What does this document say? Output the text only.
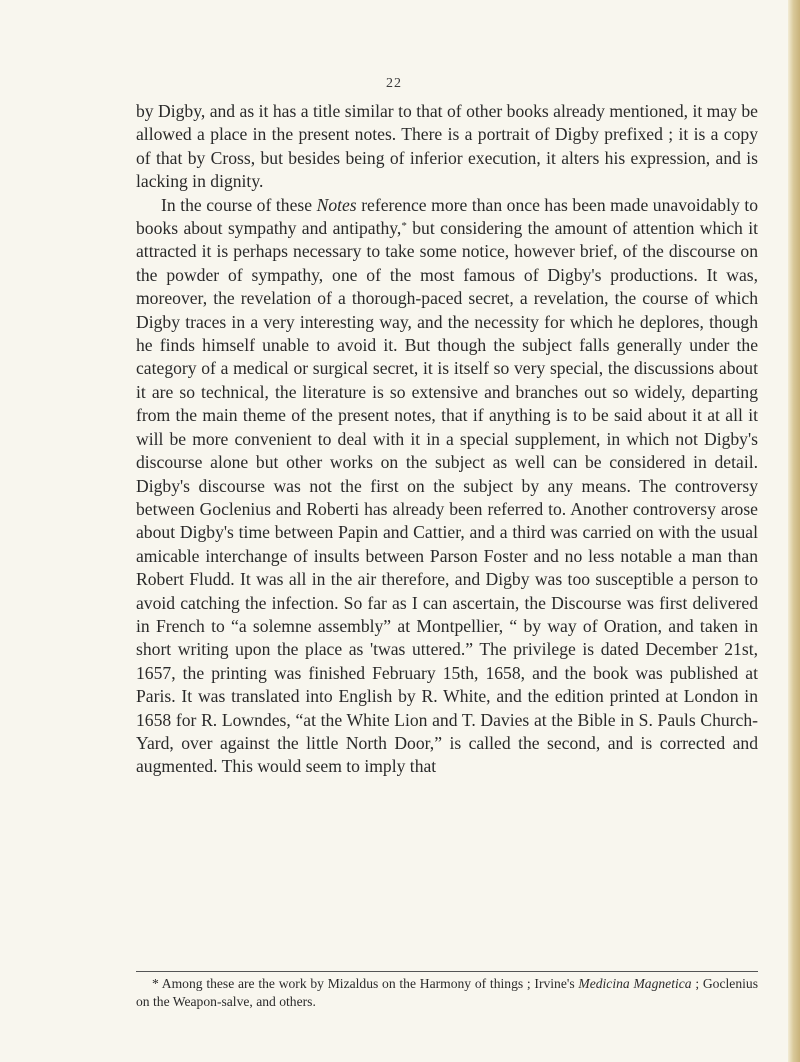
22

by Digby, and as it has a title similar to that of other books already mentioned, it may be allowed a place in the present notes. There is a portrait of Digby prefixed ; it is a copy of that by Cross, but besides being of inferior execution, it alters his expression, and is lacking in dignity.

In the course of these Notes reference more than once has been made unavoidably to books about sympathy and antipathy,* but considering the amount of attention which it attracted it is perhaps necessary to take some notice, however brief, of the discourse on the powder of sympathy, one of the most famous of Digby's productions. It was, moreover, the revelation of a thorough-paced secret, a revelation, the course of which Digby traces in a very interesting way, and the necessity for which he deplores, though he finds himself unable to avoid it. But though the subject falls generally under the category of a medical or surgical secret, it is itself so very special, the discussions about it are so technical, the literature is so extensive and branches out so widely, departing from the main theme of the present notes, that if anything is to be said about it at all it will be more convenient to deal with it in a special supplement, in which not Digby's discourse alone but other works on the subject as well can be considered in detail. Digby's discourse was not the first on the subject by any means. The controversy between Goclenius and Roberti has already been referred to. Another controversy arose about Digby's time between Papin and Cattier, and a third was carried on with the usual amicable interchange of insults between Parson Foster and no less notable a man than Robert Fludd. It was all in the air therefore, and Digby was too susceptible a person to avoid catching the infection. So far as I can ascertain, the Discourse was first delivered in French to “a solemne assembly” at Montpellier, “ by way of Oration, and taken in short writing upon the place as 'twas uttered.” The privilege is dated December 21st, 1657, the printing was finished February 15th, 1658, and the book was published at Paris. It was translated into English by R. White, and the edition printed at London in 1658 for R. Lowndes, “at the White Lion and T. Davies at the Bible in S. Pauls Church-Yard, over against the little North Door,” is called the second, and is corrected and augmented. This would seem to imply that

* Among these are the work by Mizaldus on the Harmony of things ; Irvine's Medicina Magnetica ; Goclenius on the Weapon-salve, and others.
